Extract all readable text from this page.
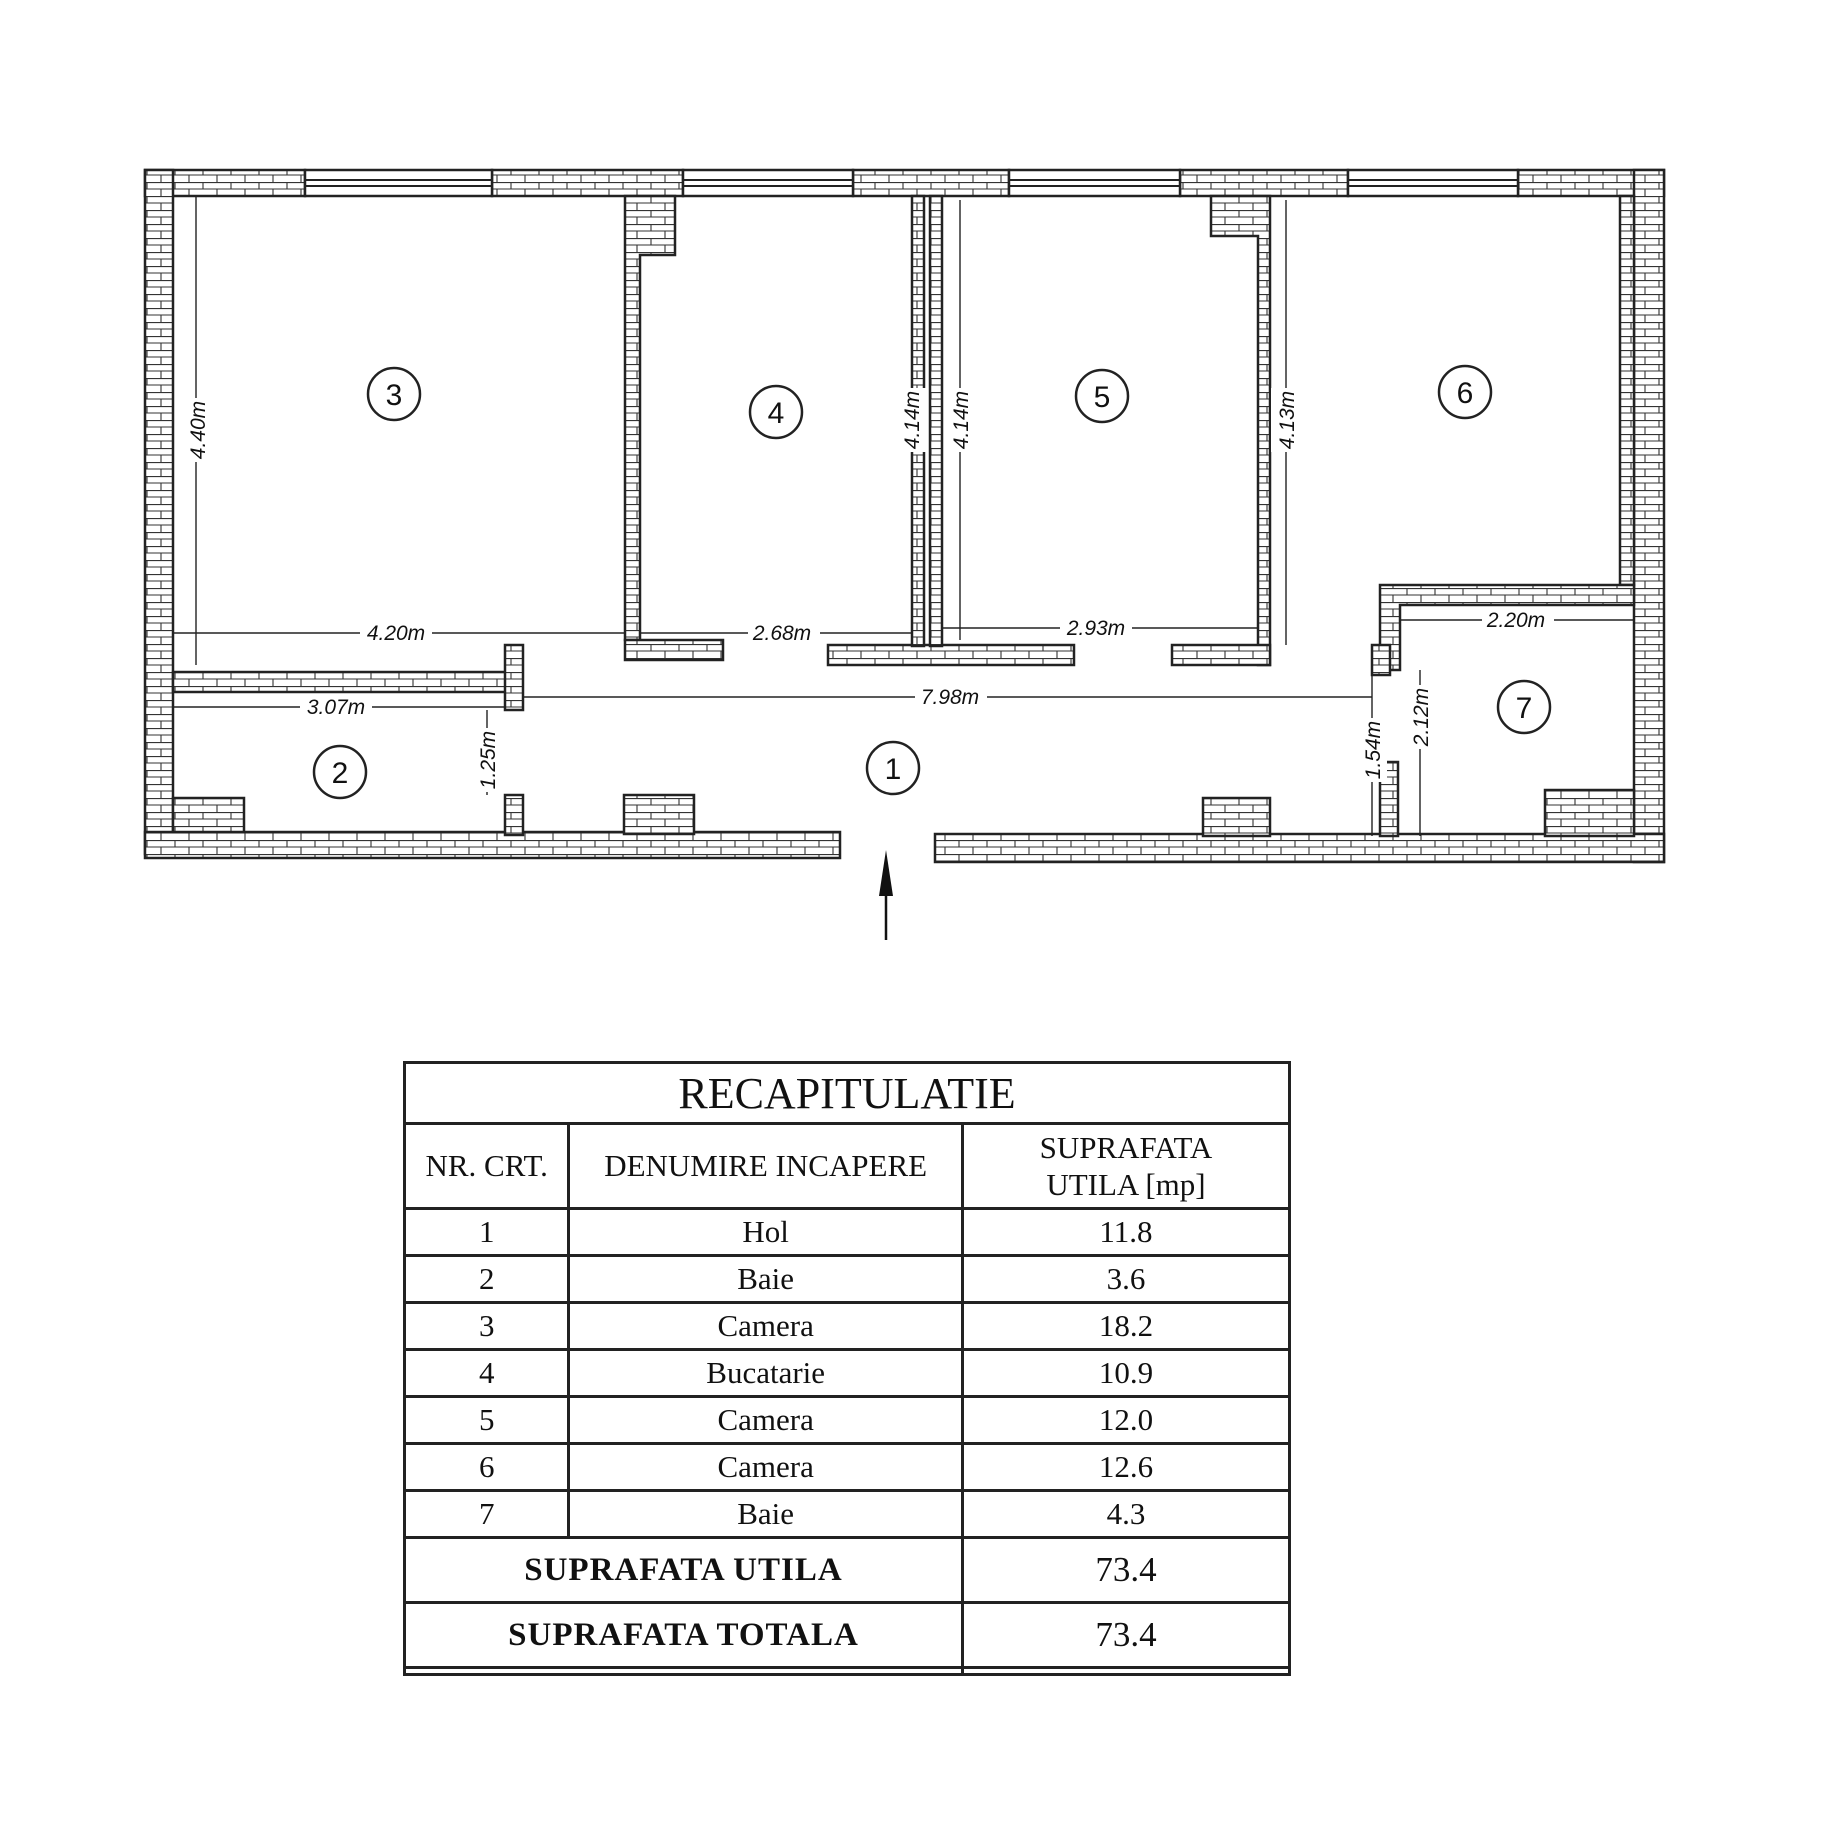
4.40m
4.20m	2.68m
4.14m 4.14m
2.93m
4.13m
2.20m
2.12m
7.98m
1.54m
3.07m
1.25m
3
4	5	6
7
1
2
RECAPITULATIE		
NR. CRT.	DENUMIRE INCAPERE	SUPRAFATA
UTILA [mp]

1	Hol	11.8
2	Baie	3.6
3	Camera	18.2
4	Bucatarie	10.9
5	Camera	12.0
6	Camera	12.6
7	Baie	4.3
SUPRAFATA UTILA		73.4
SUPRAFATA TOTALA		73.4
